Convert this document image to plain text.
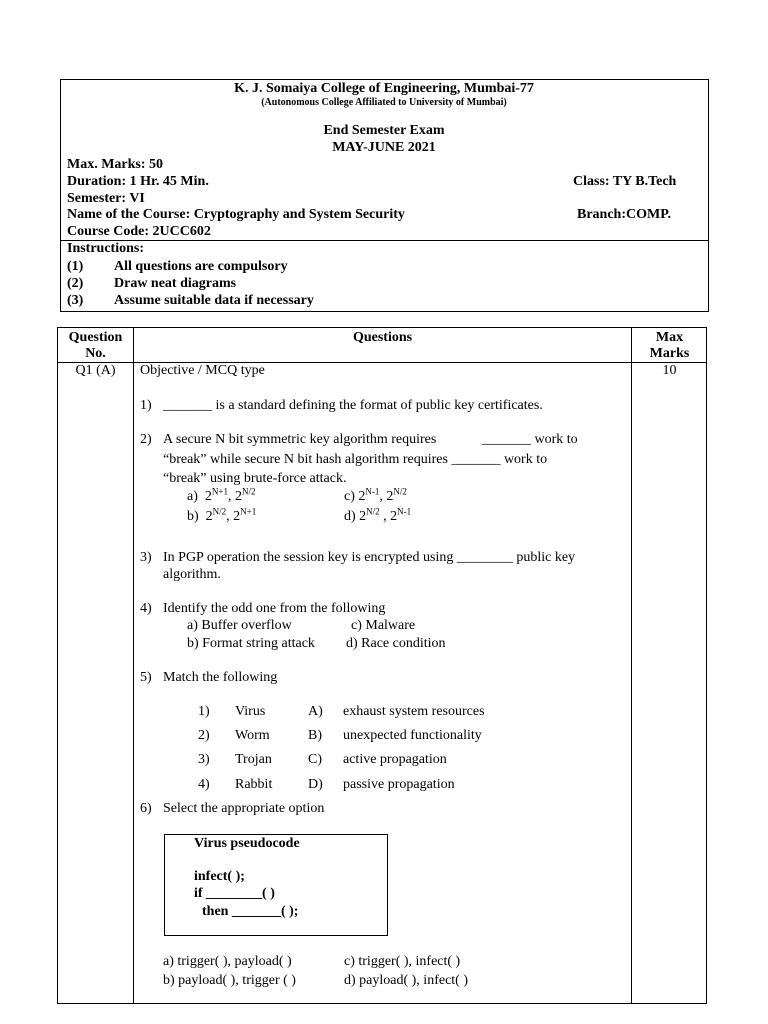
K. J. Somaiya College of Engineering, Mumbai-77
(Autonomous College Affiliated to University of Mumbai)
End Semester Exam
MAY-JUNE 2021
Max. Marks: 50
Duration: 1 Hr. 45 Min.	Class: TY B.Tech
Semester: VI
Name of the Course: Cryptography and System Security	Branch:COMP.
Course Code: 2UCC602
Instructions:
(1) All questions are compulsory
(2) Draw neat diagrams
(3) Assume suitable data if necessary
Question
No.
Questions	Max
Marks
Q1 (A)	Objective / MCQ type	10
1) _______ is a standard defining the format of public key certificates.
2) A secure N bit symmetric key algorithm requires	_______ work to
“break” while secure N bit hash algorithm requires _______ work to
“break” using brute-force attack.
a) $2^{N+1}$, $2^{N/2}$	c) $2^{N-1}$, $2^{N/2}$
b) $2^{N/2}$, $2^{N+1}$	d) $2^{N/2}$ , $2^{N-1}$
3) In PGP operation the session key is encrypted using ________ public key
algorithm.
4) Identify the odd one from the following
a) Buffer overflow	c) Malware
b) Format string attack d) Race condition
5) Match the following
1) Virus	A) exhaust system resources
2) Worm	B) unexpected functionality
3) Trojan	C) active propagation
4) Rabbit	D) passive propagation
6) Select the appropriate option
Virus pseudocode
infect( );
if ________( )
then _______( );
a) trigger( ), payload( )	c) trigger( ), infect( )
b) payload( ), trigger ( )	d) payload( ), infect( )
